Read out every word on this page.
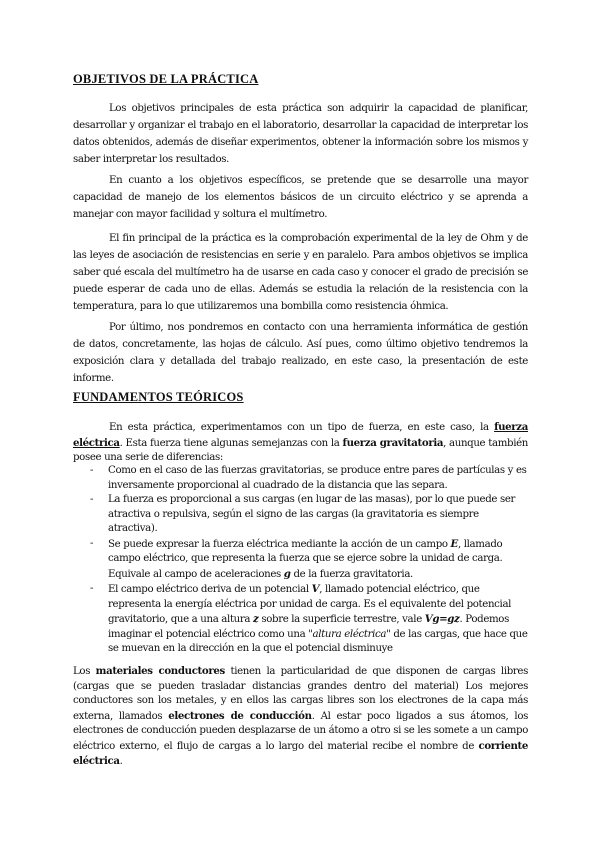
OBJETIVOS DE LA PRÁCTICA

Los objetivos principales de esta práctica son adquirir la capacidad de planificar, desarrollar y organizar el trabajo en el laboratorio, desarrollar la capacidad de interpretar los datos obtenidos, además de diseñar experimentos, obtener la información sobre los mismos y saber interpretar los resultados.

En cuanto a los objetivos específicos, se pretende que se desarrolle una mayor capacidad de manejo de los elementos básicos de un circuito eléctrico y se aprenda a manejar con mayor facilidad y soltura el multímetro.

El fin principal de la práctica es la comprobación experimental de la ley de Ohm y de las leyes de asociación de resistencias en serie y en paralelo. Para ambos objetivos se implica saber qué escala del multímetro ha de usarse en cada caso y conocer el grado de precisión se puede esperar de cada uno de ellas. Además se estudia la relación de la resistencia con la temperatura, para lo que utilizaremos una bombilla como resistencia óhmica.

Por último, nos pondremos en contacto con una herramienta informática de gestión de datos, concretamente, las hojas de cálculo. Así pues, como último objetivo tendremos la exposición clara y detallada del trabajo realizado, en este caso, la presentación de este informe.

FUNDAMENTOS TEÓRICOS

En esta práctica, experimentamos con un tipo de fuerza, en este caso, la fuerza eléctrica. Esta fuerza tiene algunas semejanzas con la fuerza gravitatoria, aunque también posee una serie de diferencias:

- Como en el caso de las fuerzas gravitatorias, se produce entre pares de partículas y es inversamente proporcional al cuadrado de la distancia que las separa.
- La fuerza es proporcional a sus cargas (en lugar de las masas), por lo que puede ser atractiva o repulsiva, según el signo de las cargas (la gravitatoria es siempre atractiva).
- Se puede expresar la fuerza eléctrica mediante la acción de un campo E, llamado campo eléctrico, que representa la fuerza que se ejerce sobre la unidad de carga. Equivale al campo de aceleraciones g de la fuerza gravitatoria.
- El campo eléctrico deriva de un potencial V, llamado potencial eléctrico, que representa la energía eléctrica por unidad de carga. Es el equivalente del potencial gravitatorio, que a una altura z sobre la superficie terrestre, vale Vg=gz. Podemos imaginar el potencial eléctrico como una "altura eléctrica" de las cargas, que hace que se muevan en la dirección en la que el potencial disminuye

Los materiales conductores tienen la particularidad de que disponen de cargas libres (cargas que se pueden trasladar distancias grandes dentro del material) Los mejores conductores son los metales, y en ellos las cargas libres son los electrones de la capa más externa, llamados electrones de conducción. Al estar poco ligados a sus átomos, los electrones de conducción pueden desplazarse de un átomo a otro si se les somete a un campo eléctrico externo, el flujo de cargas a lo largo del material recibe el nombre de corriente eléctrica.
